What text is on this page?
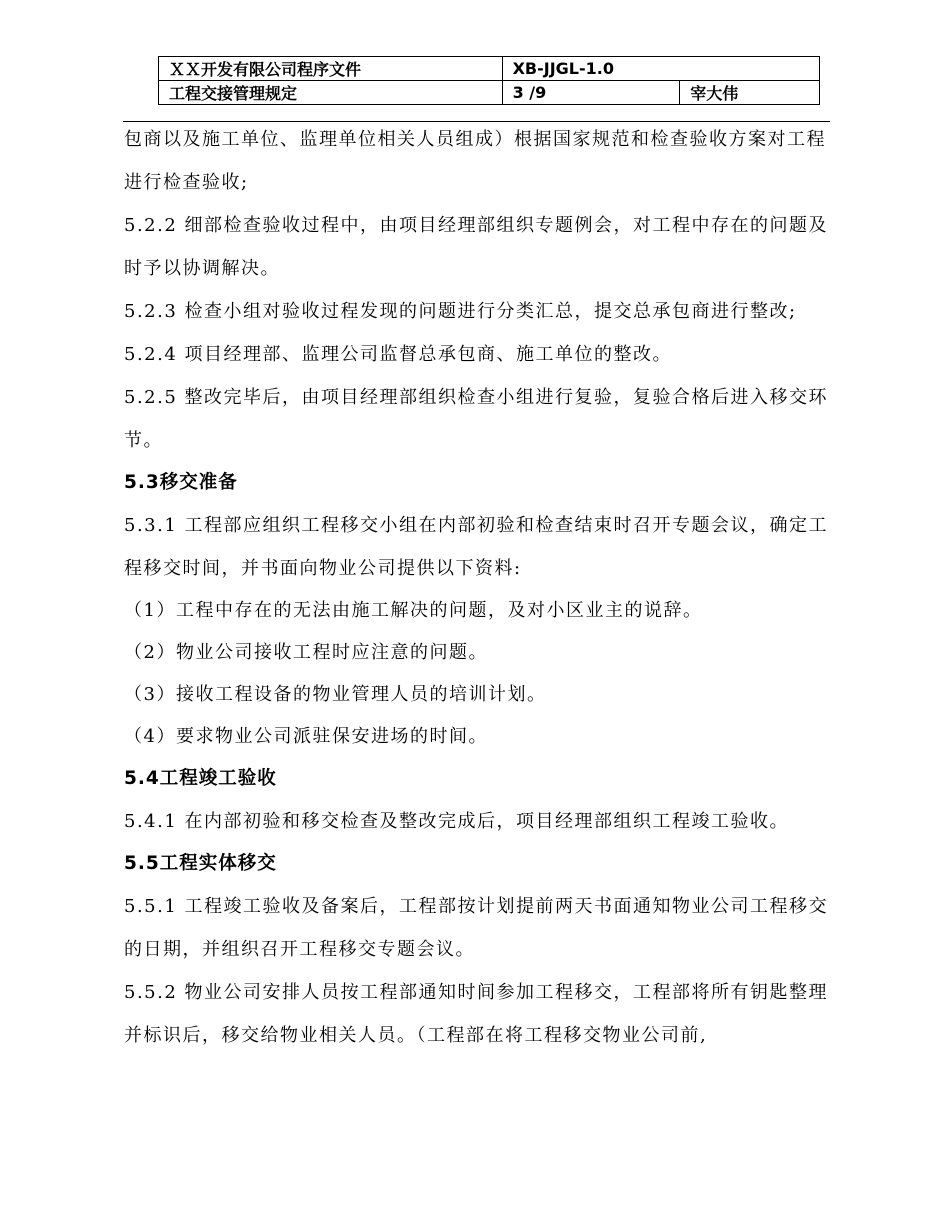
ＸＸ开发有限公司程序文件	XB-JJGL-1.0	
工程交接管理规定	3 /9	宰大伟

包商以及施工单位、监理单位相关人员组成）根据国家规范和检查验收方案对工程进行检查验收;

5.2.2 细部检查验收过程中，由项目经理部组织专题例会，对工程中存在的问题及时予以协调解决。

5.2.3 检查小组对验收过程发现的问题进行分类汇总，提交总承包商进行整改;

5.2.4 项目经理部、监理公司监督总承包商、施工单位的整改。

5.2.5 整改完毕后，由项目经理部组织检查小组进行复验，复验合格后进入移交环节。

5.3移交准备

5.3.1 工程部应组织工程移交小组在内部初验和检查结束时召开专题会议，确定工程移交时间，并书面向物业公司提供以下资料:

（1）工程中存在的无法由施工解决的问题，及对小区业主的说辞。

（2）物业公司接收工程时应注意的问题。

（3）接收工程设备的物业管理人员的培训计划。

（4）要求物业公司派驻保安进场的时间。

5.4工程竣工验收

5.4.1 在内部初验和移交检查及整改完成后，项目经理部组织工程竣工验收。

5.5工程实体移交

5.5.1 工程竣工验收及备案后，工程部按计划提前两天书面通知物业公司工程移交的日期，并组织召开工程移交专题会议。

5.5.2 物业公司安排人员按工程部通知时间参加工程移交，工程部将所有钥匙整理并标识后，移交给物业相关人员。（工程部在将工程移交物业公司前,
